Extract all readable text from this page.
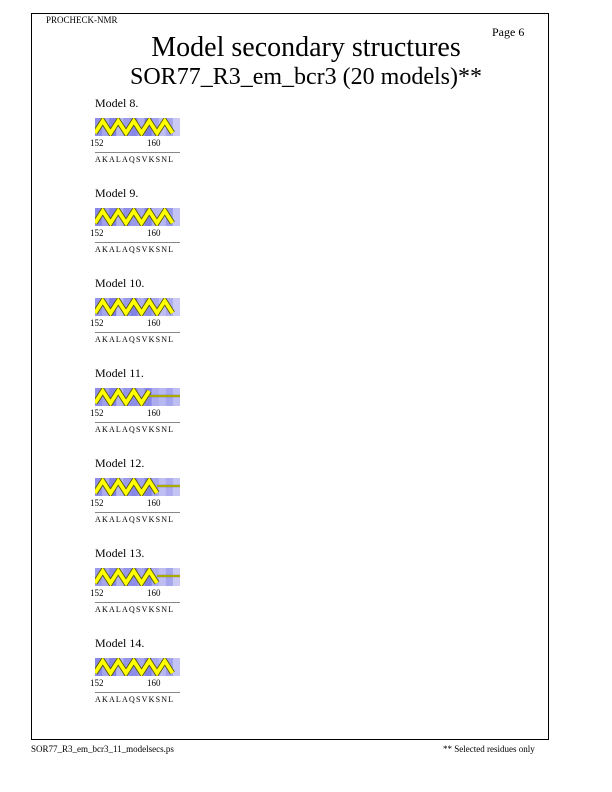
PROCHECK-NMR
Page 6
Model secondary structures
SOR77_R3_em_bcr3 (20 models)**
Model 8.
152	160
AKALAQSVKSNL
Model 9.
152	160
AKALAQSVKSNL
Model 10.
152	160
AKALAQSVKSNL
Model 11.
152	160
AKALAQSVKSNL
Model 12.
152	160
AKALAQSVKSNL
Model 13.
152	160
AKALAQSVKSNL
Model 14.
152	160
AKALAQSVKSNL
SOR77_R3_em_bcr3_11_modelsecs.ps	** Selected residues only
